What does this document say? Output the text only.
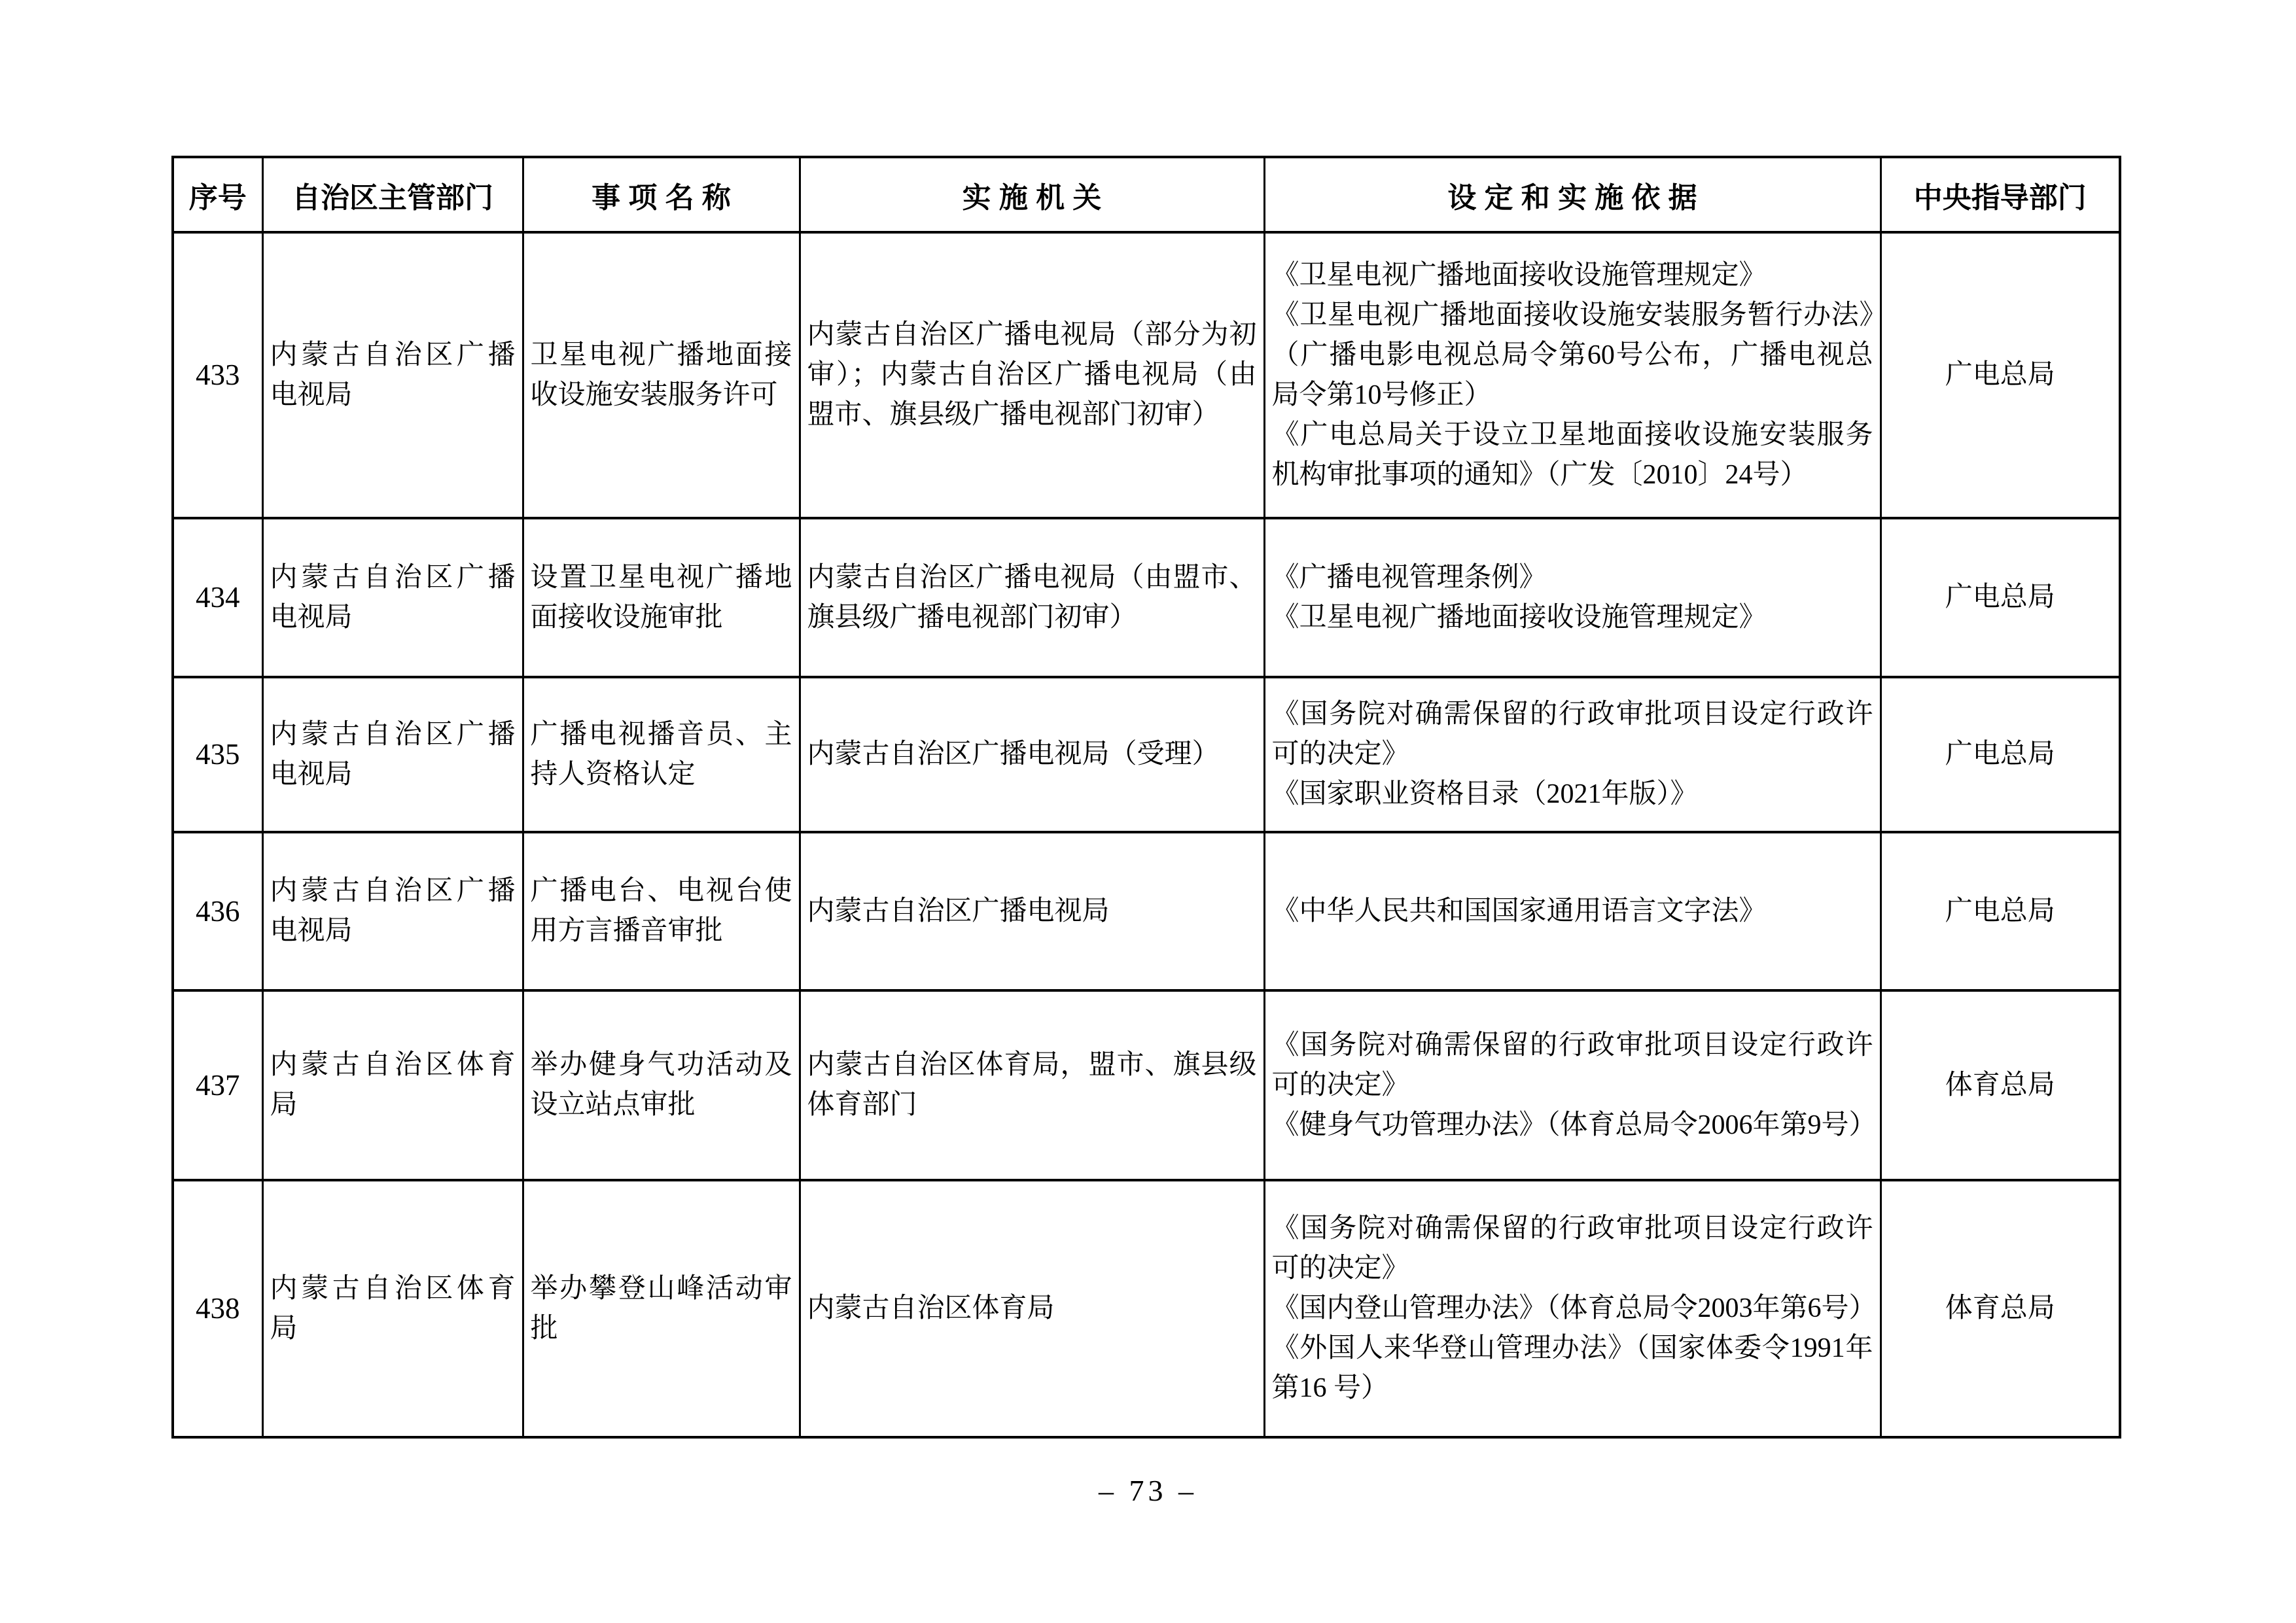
序号	自治区主管部门	事 项 名 称	实 施 机 关	设 定 和 实 施 依 据	中央指导部门
433	内蒙古自治区广播电视局	卫星电视广播地面接收设施安装服务许可	内蒙古自治区广播电视局（部分为初审）；内蒙古自治区广播电视局（由盟市、旗县级广播电视部门初审）	《卫星电视广播地面接收设施管理规定》
《卫星电视广播地面接收设施安装服务暂行办法》（广播电影电视总局令第60号公布，广播电视总局令第10号修正）
《广电总局关于设立卫星地面接收设施安装服务机构审批事项的通知》（广发〔2010〕24号）	广电总局
434	内蒙古自治区广播电视局	设置卫星电视广播地面接收设施审批	内蒙古自治区广播电视局（由盟市、旗县级广播电视部门初审）	《广播电视管理条例》
《卫星电视广播地面接收设施管理规定》	广电总局
435	内蒙古自治区广播电视局	广播电视播音员、主持人资格认定	内蒙古自治区广播电视局（受理）	《国务院对确需保留的行政审批项目设定行政许可的决定》
《国家职业资格目录（2021年版）》	广电总局
436	内蒙古自治区广播电视局	广播电台、电视台使用方言播音审批	内蒙古自治区广播电视局	《中华人民共和国国家通用语言文字法》	广电总局
437	内蒙古自治区体育局	举办健身气功活动及设立站点审批	内蒙古自治区体育局，盟市、旗县级体育部门	《国务院对确需保留的行政审批项目设定行政许可的决定》
《健身气功管理办法》（体育总局令2006年第9号）	体育总局
438	内蒙古自治区体育局	举办攀登山峰活动审批	内蒙古自治区体育局	《国务院对确需保留的行政审批项目设定行政许可的决定》
《国内登山管理办法》（体育总局令2003年第6号）
《外国人来华登山管理办法》（国家体委令1991年第16 号）	体育总局
– 73 –
